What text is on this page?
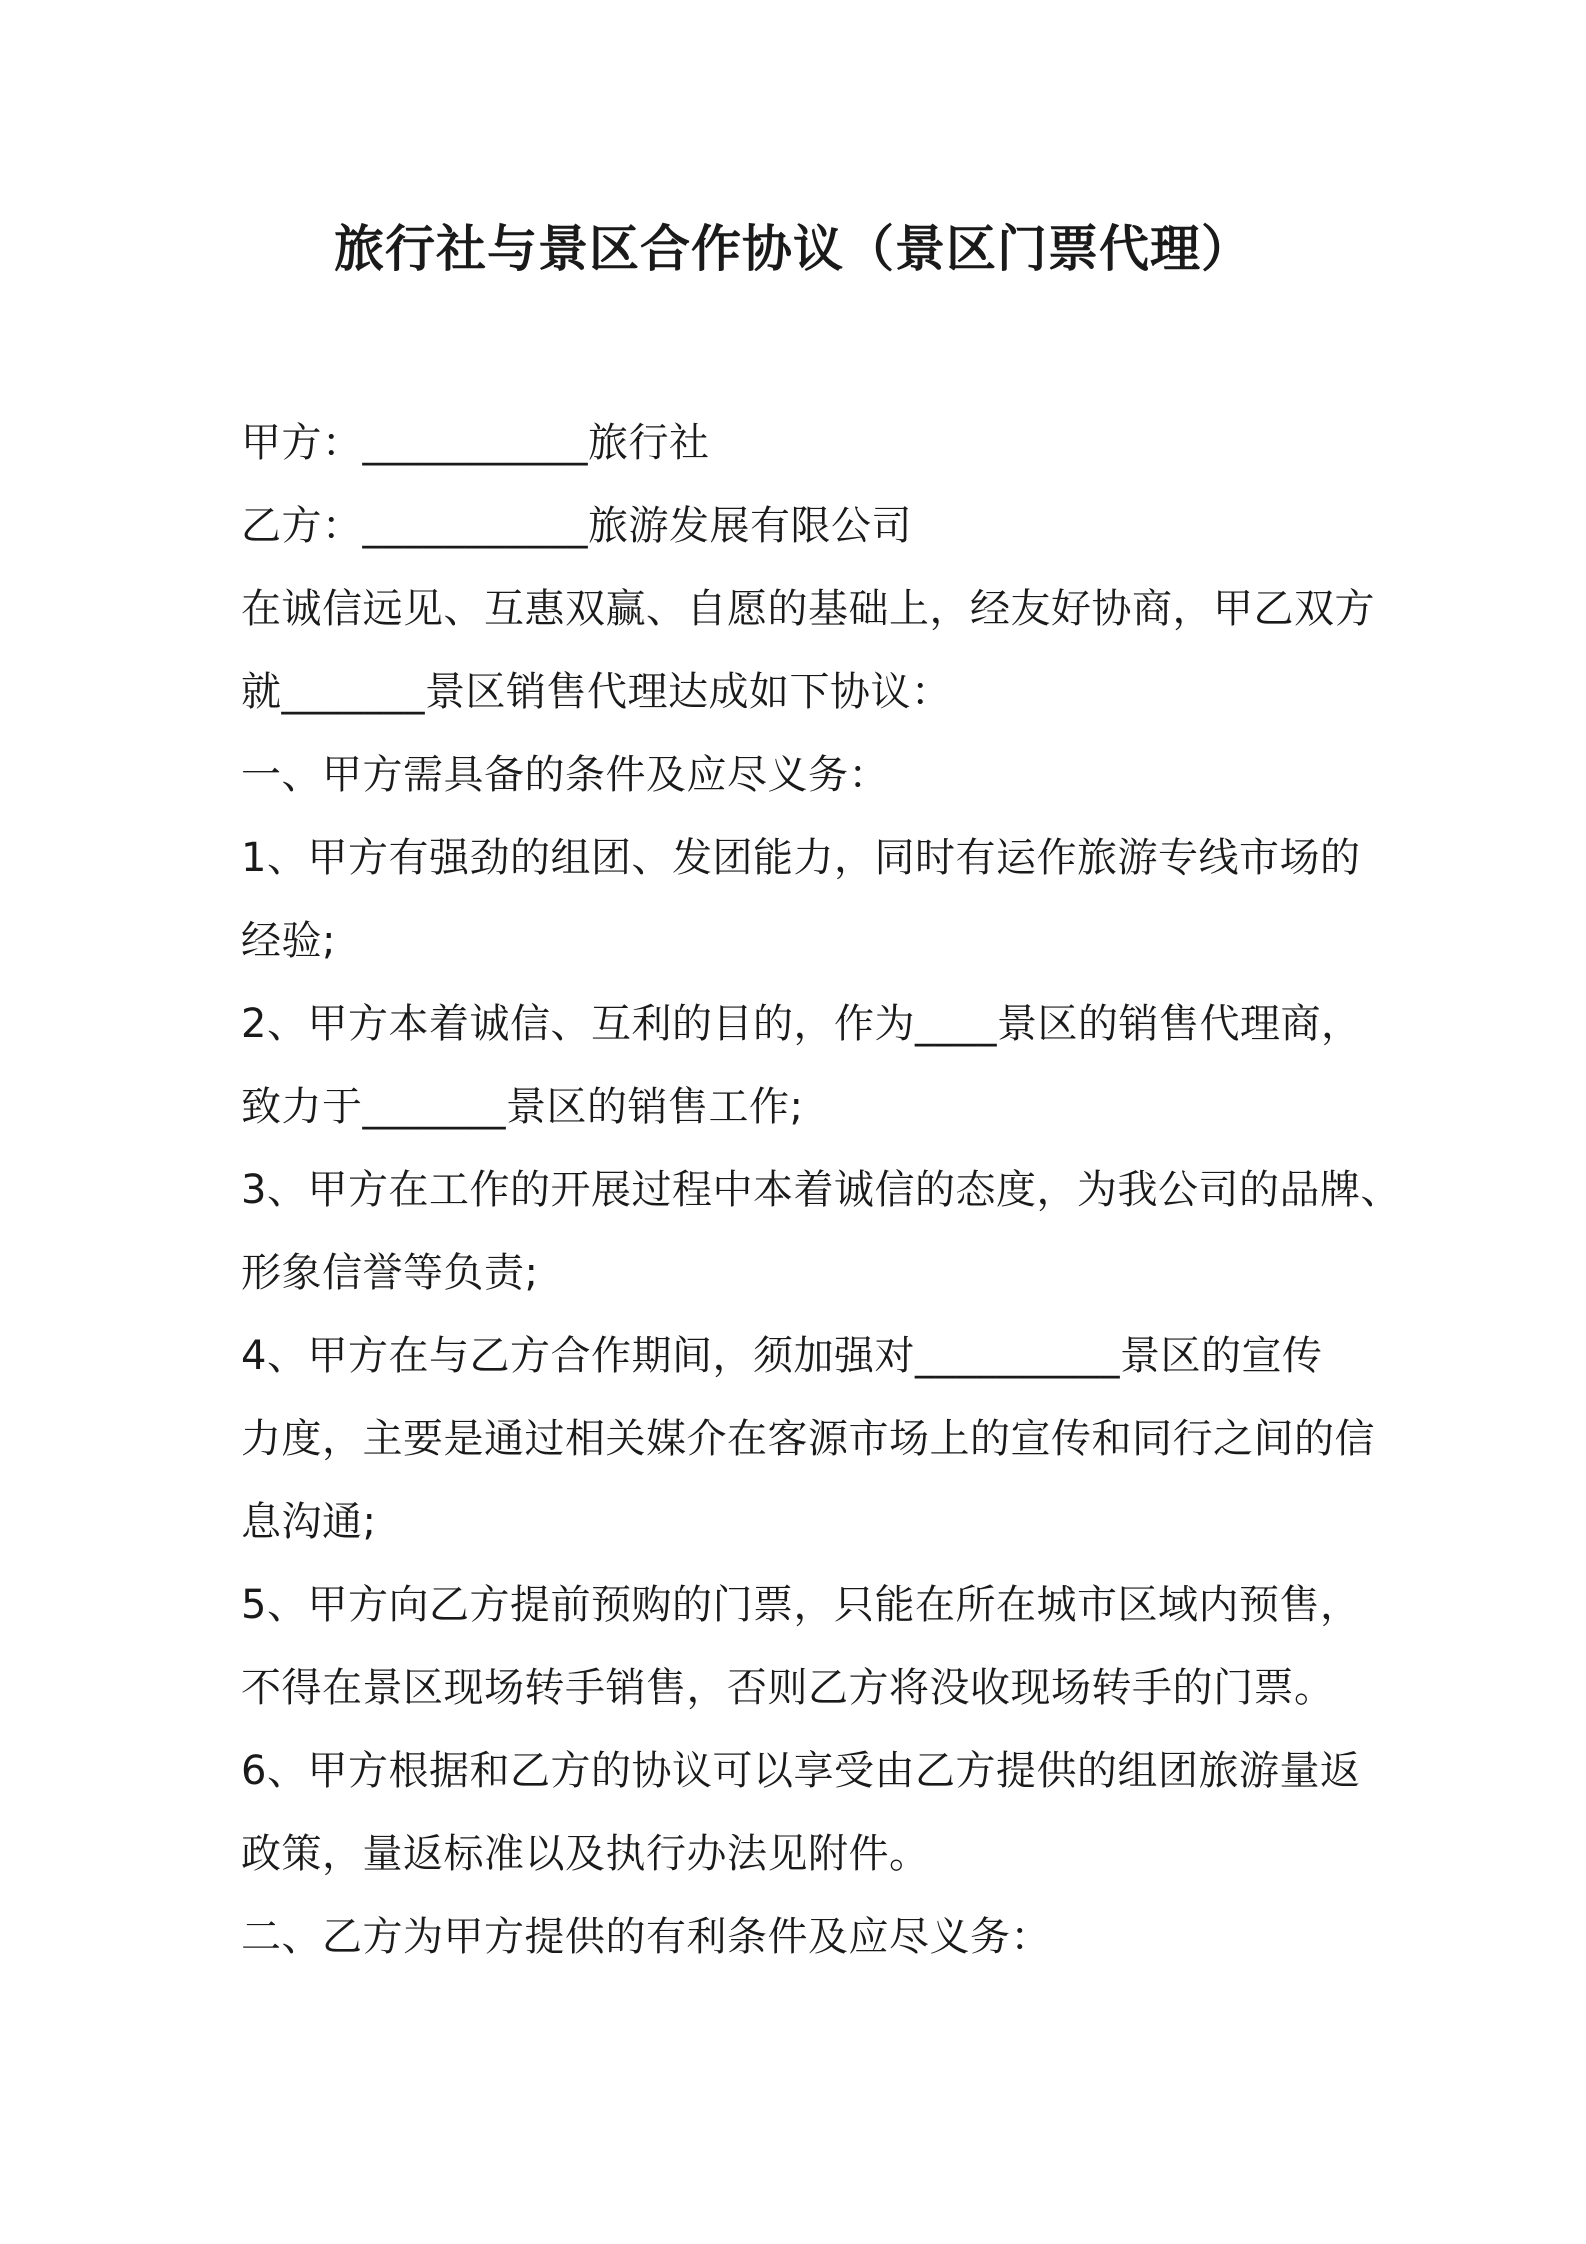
旅行社与景区合作协议（景区门票代理）
甲方：___________旅行社
乙方：___________旅游发展有限公司
在诚信远见、互惠双赢、自愿的基础上，经友好协商，甲乙双方
就_______景区销售代理达成如下协议：
一、甲方需具备的条件及应尽义务：
1、甲方有强劲的组团、发团能力，同时有运作旅游专线市场的
经验;
2、甲方本着诚信、互利的目的，作为____景区的销售代理商，
致力于_______景区的销售工作;
3、甲方在工作的开展过程中本着诚信的态度，为我公司的品牌、
形象信誉等负责;
4、甲方在与乙方合作期间，须加强对__________景区的宣传
力度，主要是通过相关媒介在客源市场上的宣传和同行之间的信
息沟通;
5、甲方向乙方提前预购的门票，只能在所在城市区域内预售，
不得在景区现场转手销售，否则乙方将没收现场转手的门票。
6、甲方根据和乙方的协议可以享受由乙方提供的组团旅游量返
政策，量返标准以及执行办法见附件。
二、乙方为甲方提供的有利条件及应尽义务：
